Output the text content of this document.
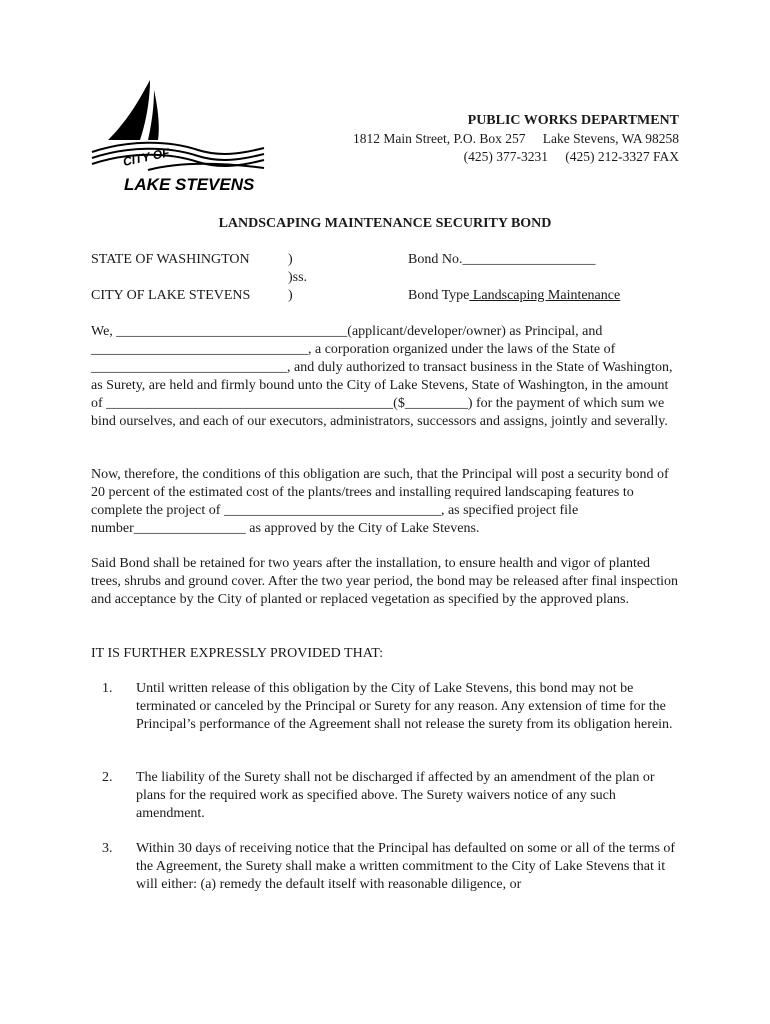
CITY OF
LAKE STEVENS
PUBLIC WORKS DEPARTMENT
1812 Main Street, P.O. Box 257 Lake Stevens, WA 98258
(425) 377-3231 (425) 212-3327 FAX
LANDSCAPING MAINTENANCE SECURITY BOND
STATE OF WASHINGTON	)	Bond No.___________________
)ss.
CITY OF LAKE STEVENS	)	Bond Type Landscaping Maintenance

We, _________________________________(applicant/developer/owner) as Principal, and _______________________________, a corporation organized under the laws of the State of ____________________________, and duly authorized to transact business in the State of Washington, as Surety, are held and firmly bound unto the City of Lake Stevens, State of Washington, in the amount of _________________________________________($_________) for the payment of which sum we bind ourselves, and each of our executors, administrators, successors and assigns, jointly and severally.

Now, therefore, the conditions of this obligation are such, that the Principal will post a security bond of 20 percent of the estimated cost of the plants/trees and installing required landscaping features to complete the project of _______________________________, as specified project file number________________ as approved by the City of Lake Stevens.

Said Bond shall be retained for two years after the installation, to ensure health and vigor of planted trees, shrubs and ground cover. After the two year period, the bond may be released after final inspection and acceptance by the City of planted or replaced vegetation as specified by the approved plans.

IT IS FURTHER EXPRESSLY PROVIDED THAT:

1. Until written release of this obligation by the City of Lake Stevens, this bond may not be terminated or canceled by the Principal or Surety for any reason. Any extension of time for the Principal’s performance of the Agreement shall not release the surety from its obligation herein.
2. The liability of the Surety shall not be discharged if affected by an amendment of the plan or plans for the required work as specified above. The Surety waivers notice of any such amendment.
3. Within 30 days of receiving notice that the Principal has defaulted on some or all of the terms of the Agreement, the Surety shall make a written commitment to the City of Lake Stevens that it will either: (a) remedy the default itself with reasonable diligence, or
